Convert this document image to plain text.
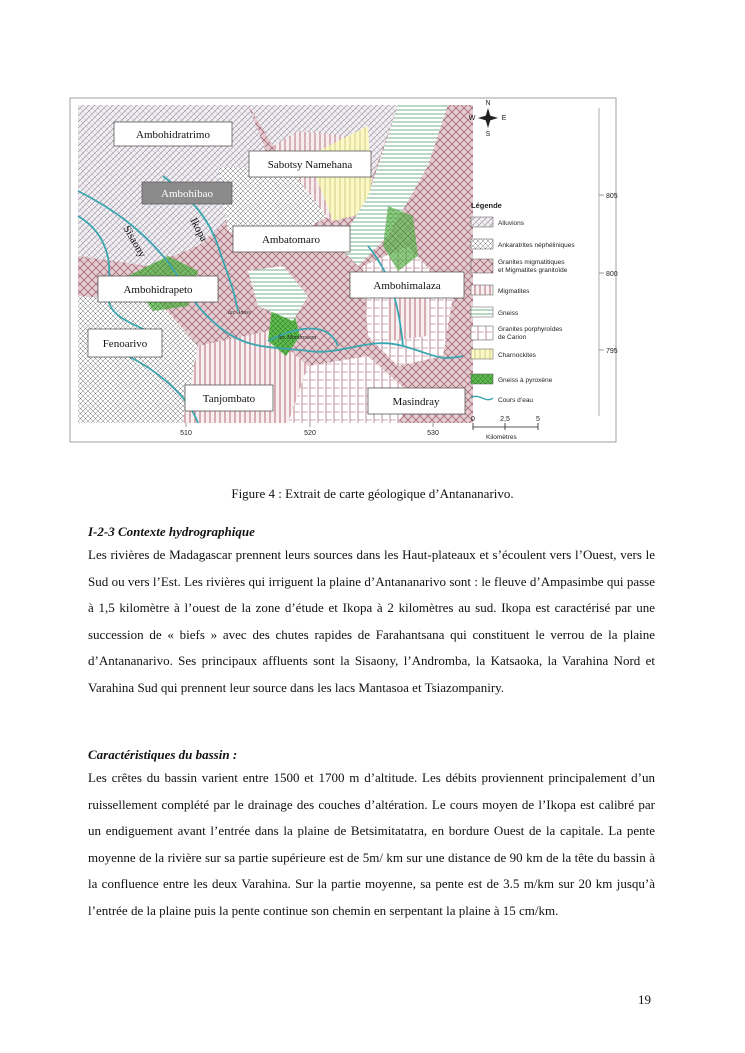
Ambohidratrimo
Sabotsy Namehana
Ambohibao
Ikopa
Sisaony	Ambatomaro
Ambohidrapeto	Ambohimalaza
Fenoarivo
lac Anosy
lac Mandroseza
Tanjombato	Masindray
510	520	530
805
800
795
N
S
W	E
Légende
Alluvions
Ankaratrites néphéliniques
Granites migmatitiques
et Migmatites granitoïde
Migmatites
Gneiss
Granites porphyroïdes
de Carion
Charnockites
Gneiss à pyroxène
Cours d’eau
0	2,5	5
Kilomètres
Figure 4 : Extrait de carte géologique d’Antananarivo.
I-2-3 Contexte hydrographique

Les rivières de Madagascar prennent leurs sources dans les Haut-plateaux et s’écoulent vers l’Ouest, vers le Sud ou vers l’Est. Les rivières qui irriguent la plaine d’Antananarivo sont : le fleuve d’Ampasimbe qui passe à 1,5 kilomètre à l’ouest de la zone d’étude et Ikopa à 2 kilomètres au sud. Ikopa est caractérisé par une succession de « biefs » avec des chutes rapides de Farahantsana qui constituent le verrou de la plaine d’Antananarivo. Ses principaux affluents sont la Sisaony, l’Andromba, la Katsaoka, la Varahina Nord et Varahina Sud qui prennent leur source dans les lacs Mantasoa et Tsiazompaniry.

Caractéristiques du bassin :

Les crêtes du bassin varient entre 1500 et 1700 m d’altitude. Les débits proviennent principalement d’un ruissellement complété par le drainage des couches d’altération. Le cours moyen de l’Ikopa est calibré par un endiguement avant l’entrée dans la plaine de Betsimitatatra, en bordure Ouest de la capitale. La pente moyenne de la rivière sur sa partie supérieure est de 5m/ km sur une distance de 90 km de la tête du bassin à la confluence entre les deux Varahina. Sur la partie moyenne, sa pente est de 3.5 m/km sur 20 km jusqu’à l’entrée de la plaine puis la pente continue son chemin en serpentant la plaine à 15 cm/km.

19
